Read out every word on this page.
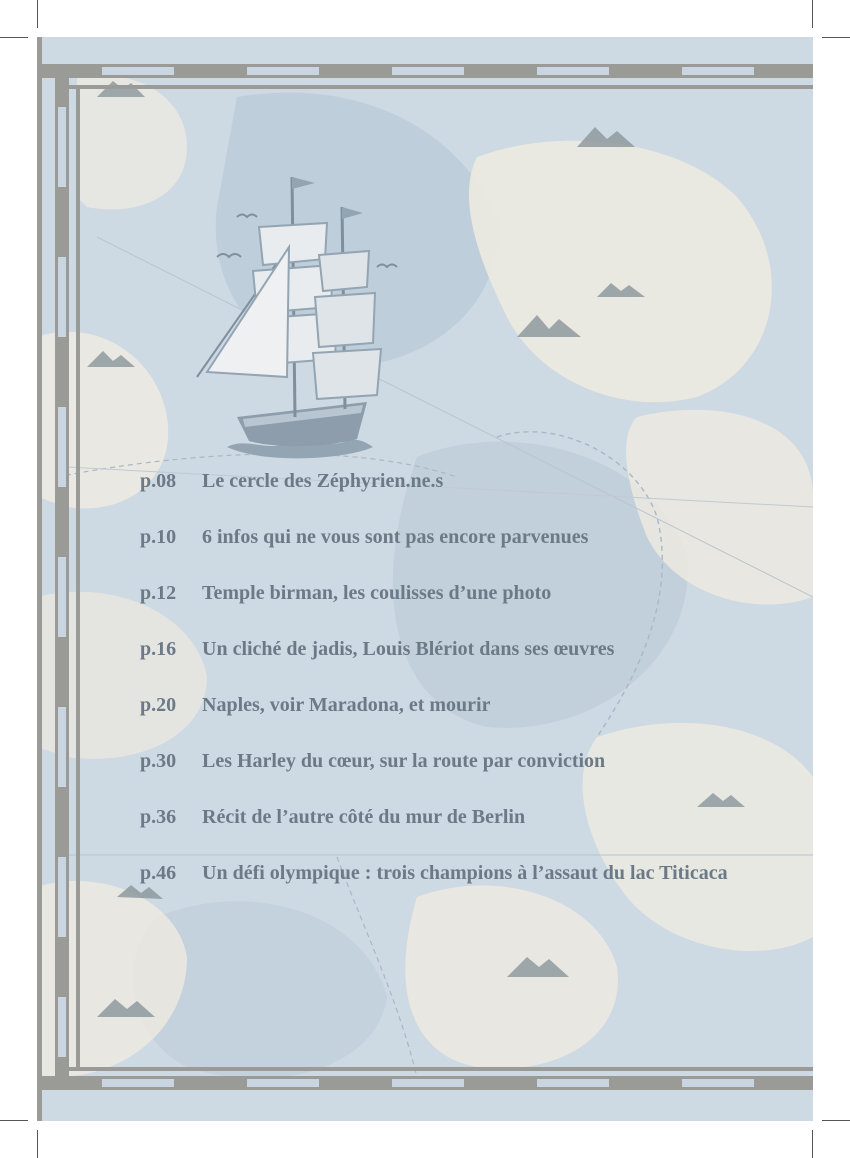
p.08	Le cercle des Zéphyrien.ne.s
p.10	6 infos qui ne vous sont pas encore parvenues
p.12	Temple birman, les coulisses d’une photo
p.16	Un cliché de jadis, Louis Blériot dans ses œuvres
p.20	Naples, voir Maradona, et mourir
p.30	Les Harley du cœur, sur la route par conviction
p.36	Récit de l’autre côté du mur de Berlin
p.46	Un défi olympique : trois champions à l’assaut du lac Titicaca
